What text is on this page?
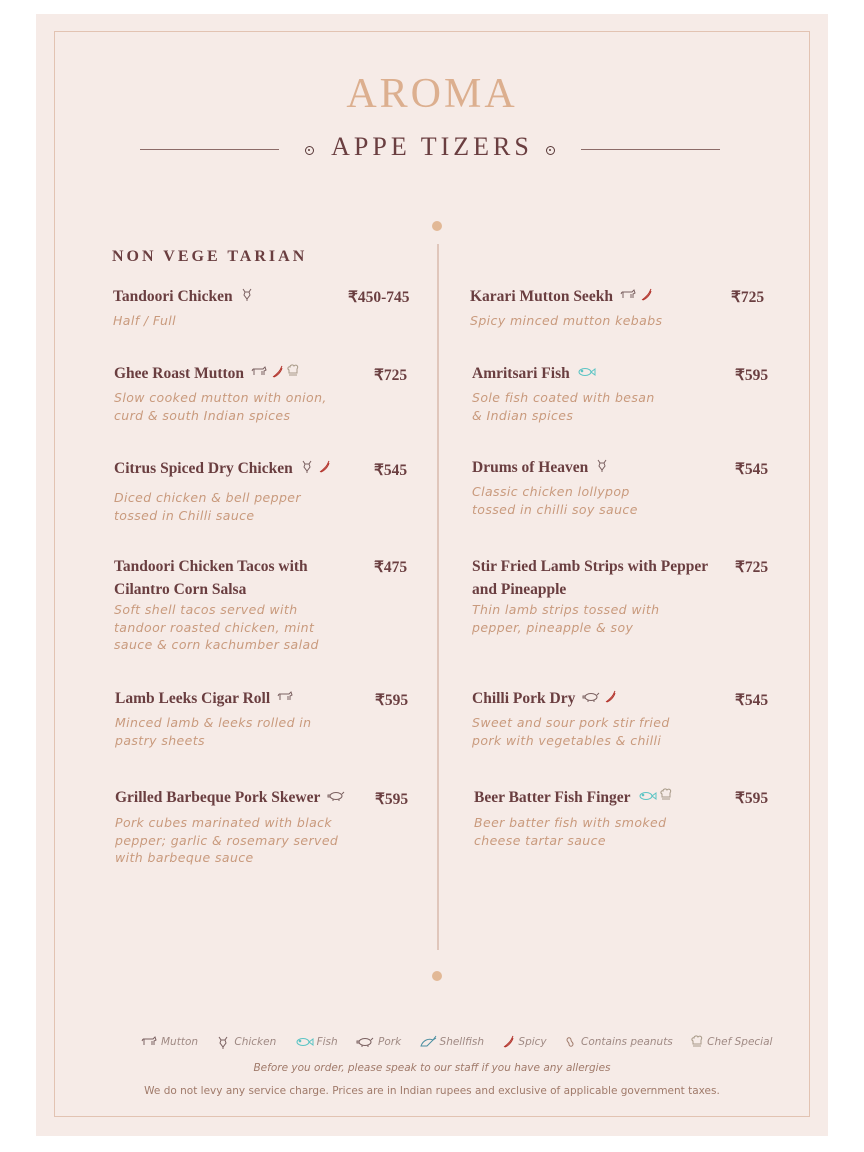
AROMA
APPE TIZERS
NON VEGE TARIAN
Tandoori Chicken	₹450-745
Half / Full
Ghee Roast Mutton	₹725
Slow cooked mutton with onion, curd & south Indian spices
Citrus Spiced Dry Chicken	₹545
Diced chicken & bell pepper tossed in Chilli sauce
Tandoori Chicken Tacos with Cilantro Corn Salsa
₹475
Soft shell tacos served with tandoor roasted chicken, mint sauce & corn kachumber salad
Lamb Leeks Cigar Roll	₹595
Minced lamb & leeks rolled in pastry sheets
Grilled Barbeque Pork Skewer	₹595
Pork cubes marinated with black pepper; garlic & rosemary served with barbeque sauce
Karari Mutton Seekh	₹725
Spicy minced mutton kebabs
Amritsari Fish	₹595
Sole fish coated with besan & Indian spices
Drums of Heaven	₹545
Classic chicken lollypop tossed in chilli soy sauce
Stir Fried Lamb Strips with Pepper and Pineapple
₹725
Thin lamb strips tossed with pepper, pineapple & soy
Chilli Pork Dry	₹545
Sweet and sour pork stir fried pork with vegetables & chilli
Beer Batter Fish Finger	₹595
Beer batter fish with smoked cheese tartar sauce
Mutton	Chicken	Fish	Pork	Shellfish	Spicy	Contains peanuts	Chef Special
Before you order, please speak to our staff if you have any allergies
We do not levy any service charge. Prices are in Indian rupees and exclusive of applicable government taxes.
